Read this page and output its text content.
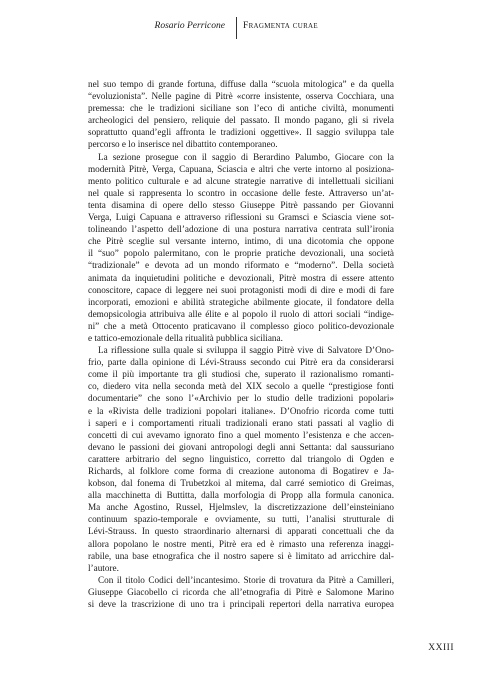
Rosario Perricone Fragmenta curae
nel suo tempo di grande fortuna, diffuse dalla “scuola mitologica” e da quella
“evoluzionista”. Nelle pagine di Pitrè «corre insistente, osserva Cocchiara, una
premessa: che le tradizioni siciliane son l’eco di antiche civiltà, monumenti
archeologici del pensiero, reliquie del passato. Il mondo pagano, gli si rivela
soprattutto quand’egli affronta le tradizioni oggettive». Il saggio sviluppa tale
percorso e lo inserisce nel dibattito contemporaneo.
La sezione prosegue con il saggio di Berardino Palumbo, Giocare con la
modernità Pitrè, Verga, Capuana, Sciascia e altri che verte intorno al posiziona-
mento politico culturale e ad alcune strategie narrative di intellettuali siciliani
nel quale si rappresenta lo scontro in occasione delle feste. Attraverso un’at-
tenta disamina di opere dello stesso Giuseppe Pitrè passando per Giovanni
Verga, Luigi Capuana e attraverso riflessioni su Gramsci e Sciascia viene sot-
tolineando l’aspetto dell’adozione di una postura narrativa centrata sull’ironia
che Pitrè sceglie sul versante interno, intimo, di una dicotomia che oppone
il “suo” popolo palermitano, con le proprie pratiche devozionali, una società
“tradizionale” e devota ad un mondo riformato e “moderno”. Della società
animata da inquietudini politiche e devozionali, Pitrè mostra di essere attento
conoscitore, capace di leggere nei suoi protagonisti modi di dire e modi di fare
incorporati, emozioni e abilità strategiche abilmente giocate, il fondatore della
demopsicologia attribuiva alle élite e al popolo il ruolo di attori sociali “indige-
ni” che a metà Ottocento praticavano il complesso gioco politico-devozionale
e tattico-emozionale della ritualità pubblica siciliana.
La riflessione sulla quale si sviluppa il saggio Pitrè vive di Salvatore D’Ono-
frio, parte dalla opinione di Lévi-Strauss secondo cui Pitrè era da considerarsi
come il più importante tra gli studiosi che, superato il razionalismo romanti-
co, diedero vita nella seconda metà del XIX secolo a quelle “prestigiose fonti
documentarie” che sono l’«Archivio per lo studio delle tradizioni popolari»
e la «Rivista delle tradizioni popolari italiane». D’Onofrio ricorda come tutti
i saperi e i comportamenti rituali tradizionali erano stati passati al vaglio di
concetti di cui avevamo ignorato fino a quel momento l’esistenza e che accen-
devano le passioni dei giovani antropologi degli anni Settanta: dal saussuriano
carattere arbitrario del segno linguistico, corretto dal triangolo di Ogden e
Richards, al folklore come forma di creazione autonoma di Bogatirev e Ja-
kobson, dal fonema di Trubetzkoi al mitema, dal carré semiotico di Greimas,
alla macchinetta di Buttitta, dalla morfologia di Propp alla formula canonica.
Ma anche Agostino, Russel, Hjelmslev, la discretizzazione dell’einsteiniano
continuum spazio-temporale e ovviamente, su tutti, l’analisi strutturale di
Lévi-Strauss. In questo straordinario alternarsi di apparati concettuali che da
allora popolano le nostre menti, Pitrè era ed è rimasto una referenza inaggi-
rabile, una base etnografica che il nostro sapere si è limitato ad arricchire dal-
l’autore.
Con il titolo Codici dell’incantesimo. Storie di trovatura da Pitrè a Camilleri,
Giuseppe Giacobello ci ricorda che all’etnografia di Pitrè e Salomone Marino
si deve la trascrizione di uno tra i principali repertori della narrativa europea
XXIII
